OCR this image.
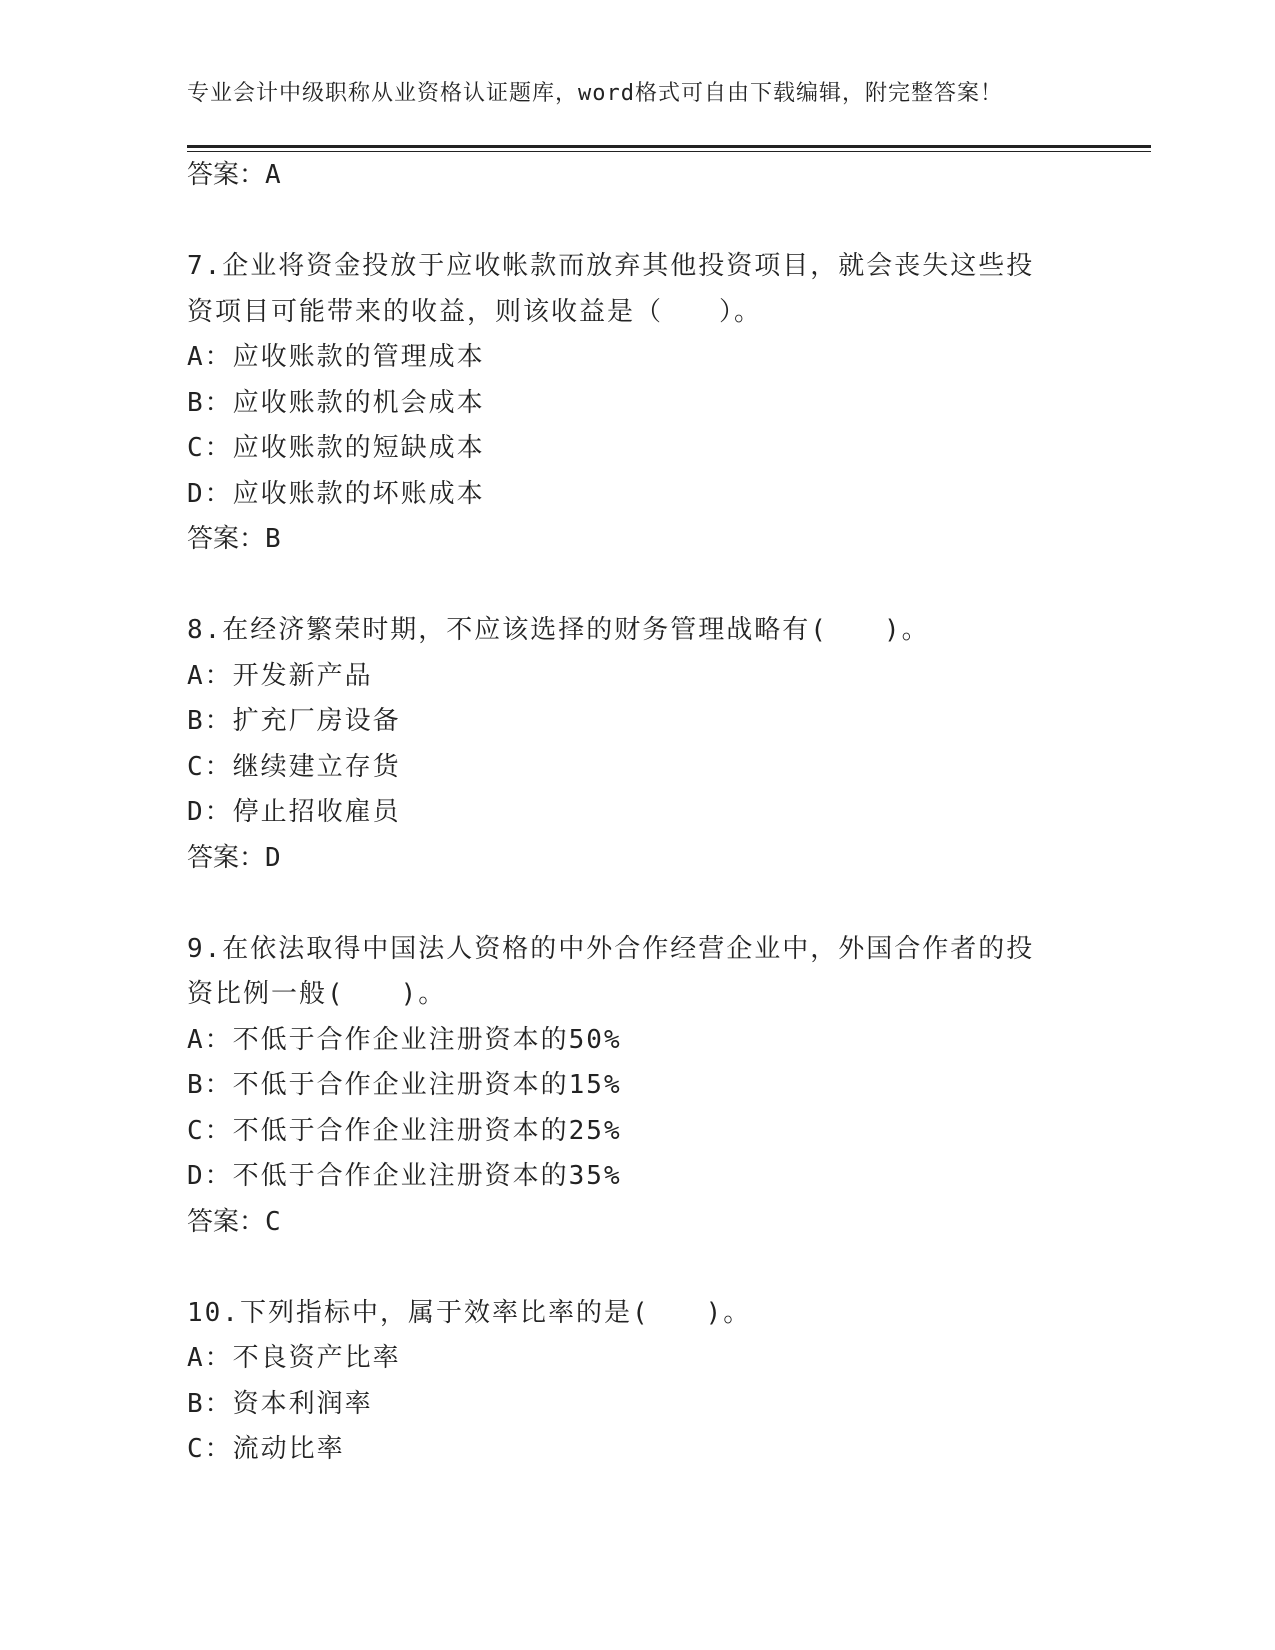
专业会计中级职称从业资格认证题库，word格式可自由下载编辑，附完整答案！
答案：A
7.企业将资金投放于应收帐款而放弃其他投资项目，就会丧失这些投
资项目可能带来的收益，则该收益是（　　）。
A：应收账款的管理成本
B：应收账款的机会成本
C：应收账款的短缺成本
D：应收账款的坏账成本
答案：B
8.在经济繁荣时期，不应该选择的财务管理战略有(　　)。
A：开发新产品
B：扩充厂房设备
C：继续建立存货
D：停止招收雇员
答案：D
9.在依法取得中国法人资格的中外合作经营企业中，外国合作者的投
资比例一般(　　)。
A：不低于合作企业注册资本的50%
B：不低于合作企业注册资本的15%
C：不低于合作企业注册资本的25%
D：不低于合作企业注册资本的35%
答案：C
10.下列指标中，属于效率比率的是(　　)。
A：不良资产比率
B：资本利润率
C：流动比率
